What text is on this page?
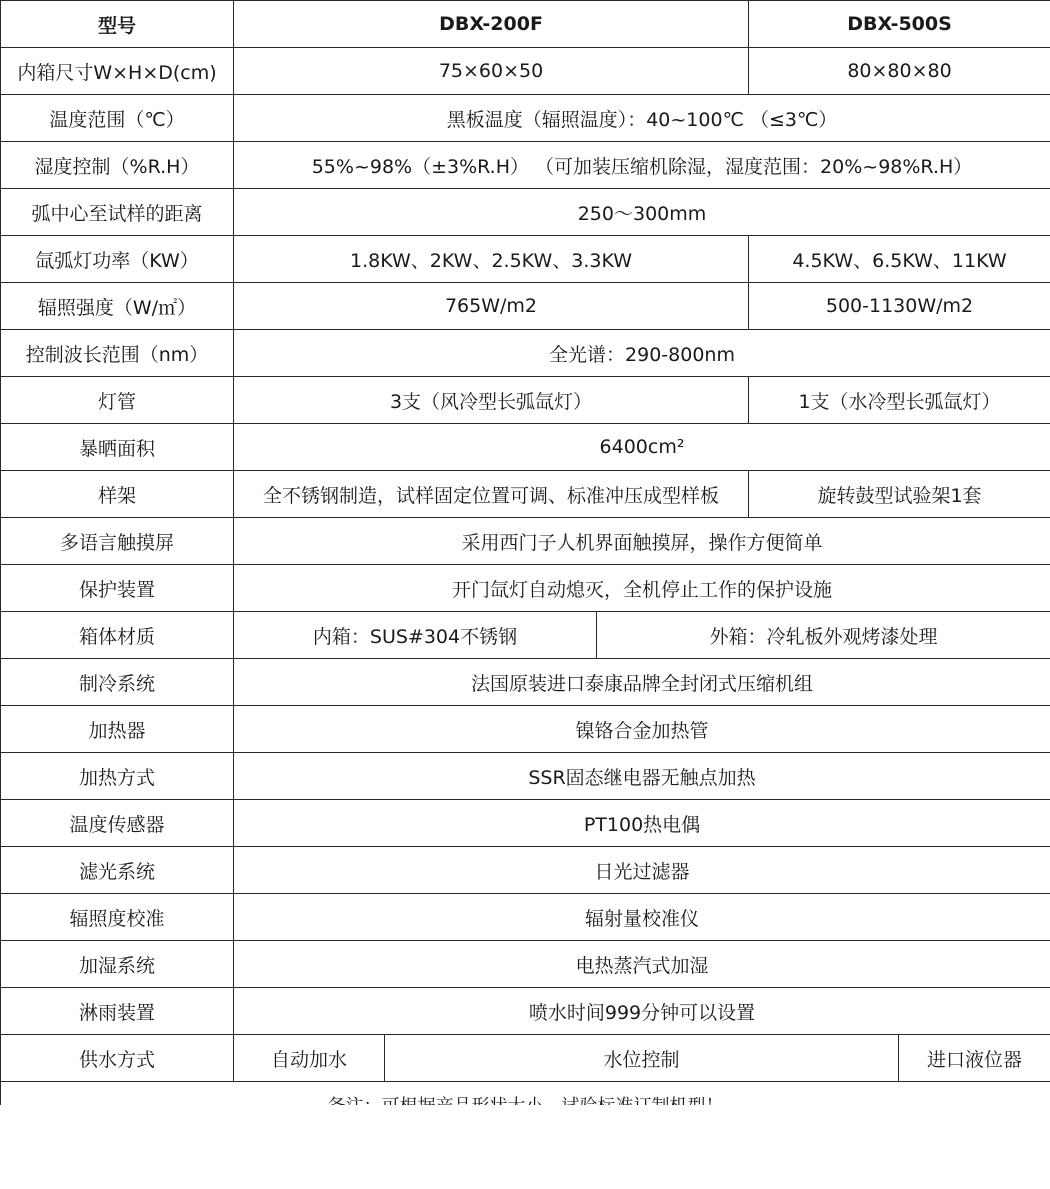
型号	DBX-200F			DBX-500S	
内箱尺寸W×H×D(cm)	75×60×50			80×80×80	
温度范围（℃）	黑板温度（辐照温度）：40~100℃ （≤3℃）				
湿度控制（%R.H）	55%~98%（±3%R.H） （可加装压缩机除湿，湿度范围：20%~98%R.H）				
弧中心至试样的距离	250～300mm				
氙弧灯功率（KW）	1.8KW、2KW、2.5KW、3.3KW			4.5KW、6.5KW、11KW	
辐照强度（W/㎡）	765W/m2			500-1130W/m2	
控制波长范围（nm）	全光谱：290-800nm				
灯管	3支（风冷型长弧氙灯）			1支（水冷型长弧氙灯）	
暴晒面积	6400cm²				
样架	全不锈钢制造，试样固定位置可调、标准冲压成型样板			旋转鼓型试验架1套	
多语言触摸屏	采用西门子人机界面触摸屏，操作方便简单				
保护装置	开门氙灯自动熄灭，全机停止工作的保护设施				
箱体材质	内箱：SUS#304不锈钢		外箱：冷轧板外观烤漆处理		
制冷系统	法国原装进口泰康品牌全封闭式压缩机组				
加热器	镍铬合金加热管				
加热方式	SSR固态继电器无触点加热				
温度传感器	PT100热电偶				
滤光系统	日光过滤器				
辐照度校准	辐射量校准仪				
加湿系统	电热蒸汽式加湿				
淋雨装置	喷水时间999分钟可以设置				
供水方式	自动加水	水位控制			进口液位器
